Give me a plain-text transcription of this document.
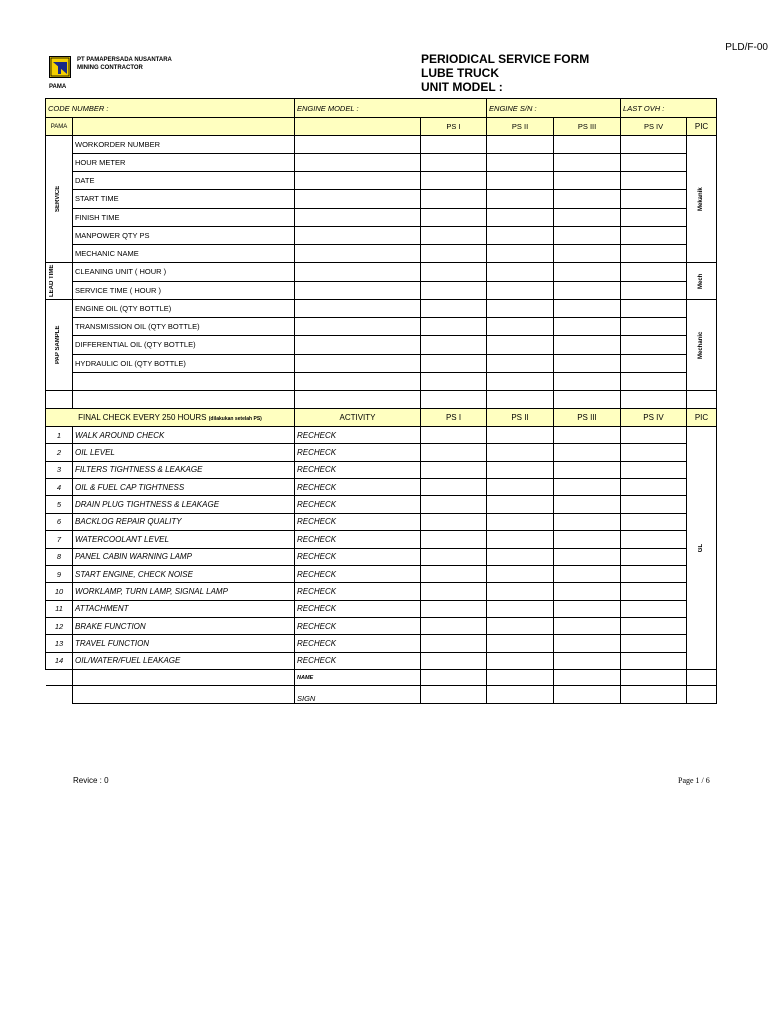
PLD/F-00
PT PAMAPERSADA NUSANTARA
MINING CONTRACTOR
PAMA
PERIODICAL SERVICE FORM
LUBE TRUCK
UNIT MODEL :
CODE NUMBER :		ENGINE MODEL :		ENGINE S/N :		LAST OVH :	
PAMA			PS I	PS II	PS III	PS IV	PIC

SERVICE	WORKORDER NUMBER						Mekanik

	HOUR METER						
	DATE						
	START TIME						
	FINISH TIME						
	MANPOWER QTY PS						
	MECHANIC NAME						

LEAD TIME	CLEANING UNIT ( HOUR )						Mech

	SERVICE TIME ( HOUR )						

PAP SAMPLE	ENGINE OIL (QTY BOTTLE)						Mechanic

	TRANSMISSION OIL (QTY BOTTLE)						
	DIFFERENTIAL OIL (QTY BOTTLE)						
	HYDRAULIC OIL (QTY BOTTLE)						

FINAL CHECK EVERY 250 HOURS (dilakukan setelah PS)		ACTIVITY	PS I	PS II	PS III	PS IV	PIC
1	WALK AROUND CHECK	RECHECK					GL

2	OIL LEVEL	RECHECK					
3	FILTERS TIGHTNESS & LEAKAGE	RECHECK					
4	OIL & FUEL CAP TIGHTNESS	RECHECK					
5	DRAIN PLUG TIGHTNESS & LEAKAGE	RECHECK					
6	BACKLOG REPAIR QUALITY	RECHECK					
7	WATERCOOLANT LEVEL	RECHECK					
8	PANEL CABIN WARNING LAMP	RECHECK					
9	START ENGINE, CHECK NOISE	RECHECK					
10	WORKLAMP, TURN LAMP, SIGNAL LAMP	RECHECK					
11	ATTACHMENT	RECHECK					
12	BRAKE FUNCTION	RECHECK					
13	TRAVEL FUNCTION	RECHECK					
14	OIL/WATER/FUEL LEAKAGE	RECHECK					
		NAME					
		SIGN					
Revice : 0	Page 1 / 6
